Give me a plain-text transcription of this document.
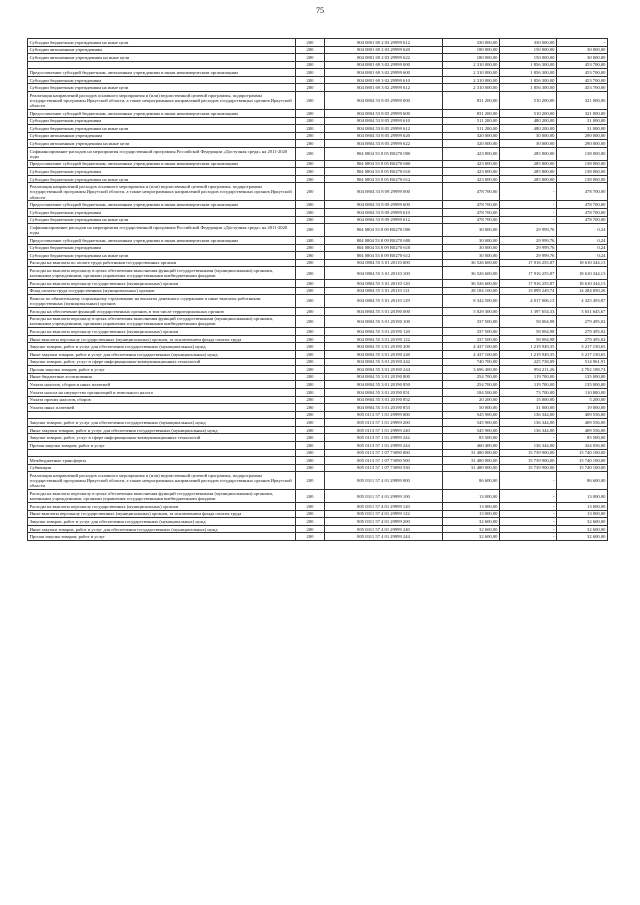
75
Субсидии бюджетным учреждениям на иные цели	200	804 0801 69 2 03 29999 612	330 000,00	330 000,00	-
Субсидии автономным учреждениям	200	804 0801 69 2 03 29999 620	180 000,00	150 000,00	30 000,00
Субсидии автономным учреждениям на иные цели	200	804 0801 69 2 03 29999 622	180 000,00	150 000,00	30 000,00
	200	804 0801 69 3 02 29999 000	2 310 000,00	1 856 300,00	453 700,00
Предоставление субсидий бюджетным, автономным учреждениям и иным некоммерческим организациям	200	804 0801 69 3 02 29999 600	2 310 000,00	1 856 300,00	453 700,00
Субсидии бюджетным учреждениям	200	804 0801 69 3 02 29999 610	2 310 000,00	1 856 300,00	453 700,00
Субсидии бюджетным учреждениям на иные цели	200	804 0801 69 3 02 29999 612	2 310 000,00	1 856 300,00	453 700,00
Реализация направлений расходов основного мероприятия и (или) ведомственной целевой программы, подпрограммы государственной программы Иркутской области, а также непрограммных направлений расходов государственных органов Иркутской области	200	804 0804 53 8 05 29999 000	831 200,00	510 200,00	321 000,00
Предоставление субсидий бюджетным, автономным учреждениям и иным некоммерческим организациям	200	804 0804 53 8 05 29999 600	831 200,00	510 200,00	321 000,00
Субсидии бюджетным учреждениям	200	804 0804 53 8 05 29999 610	511 200,00	480 200,00	31 000,00
Субсидии бюджетным учреждениям на иные цели	200	804 0804 53 8 05 29999 612	511 200,00	480 200,00	31 000,00
Субсидии автономным учреждениям	200	804 0804 53 8 05 29999 620	320 000,00	30 000,00	290 000,00
Субсидии автономным учреждениям на иные цели	200	804 0804 53 8 05 29999 622	320 000,00	30 000,00	290 000,00
Софинансирование расходов на мероприятия государственной программы Российской Федерации «Доступная среда» на 2011-2020 годы	200	804 0804 53 8 05 R0270 000	423 800,00	285 800,00	138 000,00
Предоставление субсидий бюджетным, автономным учреждениям и иным некоммерческим организациям	200	804 0804 53 8 05 R0270 600	423 800,00	285 800,00	138 000,00
Субсидии бюджетным учреждениям	200	804 0804 53 8 05 R0270 610	423 800,00	285 800,00	138 000,00
Субсидии бюджетным учреждениям на иные цели	200	804 0804 53 8 05 R0270 612	423 800,00	285 800,00	138 000,00
Реализация направлений расходов основного мероприятия и (или) ведомственной целевой программы, подпрограммы государственной программы Иркутской области, а также непрограммных направлений расходов государственных органов Иркутской области	200	804 0804 53 8 09 29999 000	478 700,00	-	478 700,00
Предоставление субсидий бюджетным, автономным учреждениям и иным некоммерческим организациям	200	804 0804 53 8 09 29999 600	478 700,00	-	478 700,00
Субсидии бюджетным учреждениям	200	804 0804 53 8 09 29999 610	478 700,00	-	478 700,00
Субсидии бюджетным учреждениям на иные цели	200	804 0804 53 8 09 29999 612	478 700,00	-	478 700,00
Софинансирование расходов на мероприятия государственной программы Российской Федерации «Доступная среда» на 2011-2020 годы	200	804 0804 53 8 09 R0270 000	30 000,00	29 999,76	0,24
Предоставление субсидий бюджетным, автономным учреждениям и иным некоммерческим организациям	200	804 0804 53 8 09 R0270 600	30 000,00	29 999,76	0,24
Субсидии бюджетным учреждениям	200	804 0804 53 8 09 R0270 610	30 000,00	29 999,76	0,24
Субсидии бюджетным учреждениям на иные цели	200	804 0804 53 8 09 R0270 612	30 000,00	29 999,76	0,24
Расходы на выплаты по оплате труда работников государственных органов	200	804 0804 55 3 01 20110 000	36 526 600,00	17 916 255,87	18 610 344,13
Расходы на выплаты персоналу в целях обеспечения выполнения функций государственными (муниципальными) органами, казенными учреждениями, органами управления государственными внебюджетными фондами	200	804 0804 55 3 01 20110 100	36 526 600,00	17 916 255,87	18 610 344,13
Расходы на выплаты персоналу государственных (муниципальных) органов	200	804 0804 55 3 01 20110 120	36 526 600,00	17 916 255,87	18 610 344,13
Фонд оплаты труда государственных (муниципальных) органов	200	804 0804 55 3 01 20110 121	28 184 100,00	13 899 249,74	14 284 850,26
Взносы по обязательному социальному страхованию на выплаты денежного содержания и иные выплаты работникам государственных (муниципальных) органов	200	804 0804 55 3 01 20110 129	8 342 500,00	4 017 006,13	4 325 493,87
Расходы на обеспечение функций государственных органов, в том числе территориальных органов	200	804 0804 55 3 01 20190 000	5 029 300,00	1 397 654,33	3 631 645,67
Расходы на выплаты персоналу в целях обеспечения выполнения функций государственными (муниципальными) органами, казенными учреждениями, органами управления государственными внебюджетными фондами	200	804 0804 55 3 01 20190 100	337 500,00	58 004,98	279 495,02
Расходы на выплаты персоналу государственных (муниципальных) органов	200	804 0804 55 3 01 20190 120	337 500,00	58 004,98	279 495,02
Иные выплаты персоналу государственных (муниципальных) органов, за исключением фонда оплаты труда	200	804 0804 55 3 01 20190 122	337 500,00	58 004,98	279 495,02
Закупка товаров, работ и услуг для обеспечения государственных (муниципальных) нужд	200	804 0804 55 3 01 20190 200	4 437 100,00	1 219 949,35	3 217 150,65
Иные закупки товаров, работ и услуг для обеспечения государственных (муниципальных) нужд	200	804 0804 55 3 01 20190 240	4 437 100,00	1 219 949,35	3 217 150,65
Закупка товаров, работ, услуг в сфере информационно-коммуникационных технологий	200	804 0804 55 3 01 20190 242	740 700,00	225 738,09	514 961,91
Прочая закупка товаров, работ и услуг	200	804 0804 55 3 01 20190 244	3 696 400,00	994 211,26	2 702 188,74
Иные бюджетные ассигнования	200	804 0804 55 3 01 20190 800	254 700,00	119 700,00	135 000,00
Уплата налогов, сборов и иных платежей	200	804 0804 55 3 01 20190 850	254 700,00	119 700,00	135 000,00
Уплата налога на имущество организаций и земельного налога	200	804 0804 55 3 01 20190 851	184 500,00	73 700,00	110 800,00
Уплата прочих налогов, сборов	200	804 0804 55 3 01 20190 852	20 200,00	15 000,00	5 200,00
Уплата иных платежей	200	804 0804 55 3 01 20190 853	50 000,00	31 000,00	19 000,00
	200	805 0113 57 1 01 29999 000	545 900,00	136 344,00	409 556,00
Закупка товаров, работ и услуг для обеспечения государственных (муниципальных) нужд	200	805 0113 57 1 01 29999 200	545 900,00	136 344,00	409 556,00
Иные закупки товаров, работ и услуг для обеспечения государственных (муниципальных) нужд	200	805 0113 57 1 01 29999 240	545 900,00	136 344,00	409 556,00
Закупка товаров, работ, услуг в сфере информационно-коммуникационных технологий	200	805 0113 57 1 01 29999 242	85 500,00	-	85 500,00
Прочая закупка товаров, работ и услуг	200	805 0113 57 1 01 29999 244	460 400,00	136 344,00	324 056,00
	200	805 0113 57 1 07 73090 000	31 480 000,00	15 739 900,00	15 740 100,00
Межбюджетные трансферты	200	805 0113 57 1 07 73090 500	31 480 000,00	15 739 900,00	15 740 100,00
Субвенции	200	805 0113 57 1 07 73090 530	31 480 000,00	15 739 900,00	15 740 100,00
Реализация направлений расходов основного мероприятия и (или) ведомственной целевой программы, подпрограммы государственной программы Иркутской области, а также непрограммных направлений расходов государственных органов Иркутской области	200	805 0311 57 4 01 29999 000	86 600,00	-	86 600,00
Расходы на выплаты персоналу в целях обеспечения выполнения функций государственными (муниципальными) органами, казенными учреждениями, органами управления государственными внебюджетными фондами	200	805 0311 57 4 01 29999 100	13 000,00	-	13 000,00
Расходы на выплаты персоналу государственных (муниципальных) органов	200	805 0311 57 4 01 29999 120	13 000,00	-	13 000,00
Иные выплаты персоналу государственных (муниципальных) органов, за исключением фонда оплаты труда	200	805 0311 57 4 01 29999 122	13 000,00	-	13 000,00
Закупка товаров, работ и услуг для обеспечения государственных (муниципальных) нужд	200	805 0311 57 4 01 29999 200	32 600,00	-	32 600,00
Иные закупки товаров, работ и услуг для обеспечения государственных (муниципальных) нужд	200	805 0311 57 4 01 29999 240	32 600,00	-	32 600,00
Прочая закупка товаров, работ и услуг	200	805 0311 57 4 01 29999 244	32 600,00	-	32 600,00
